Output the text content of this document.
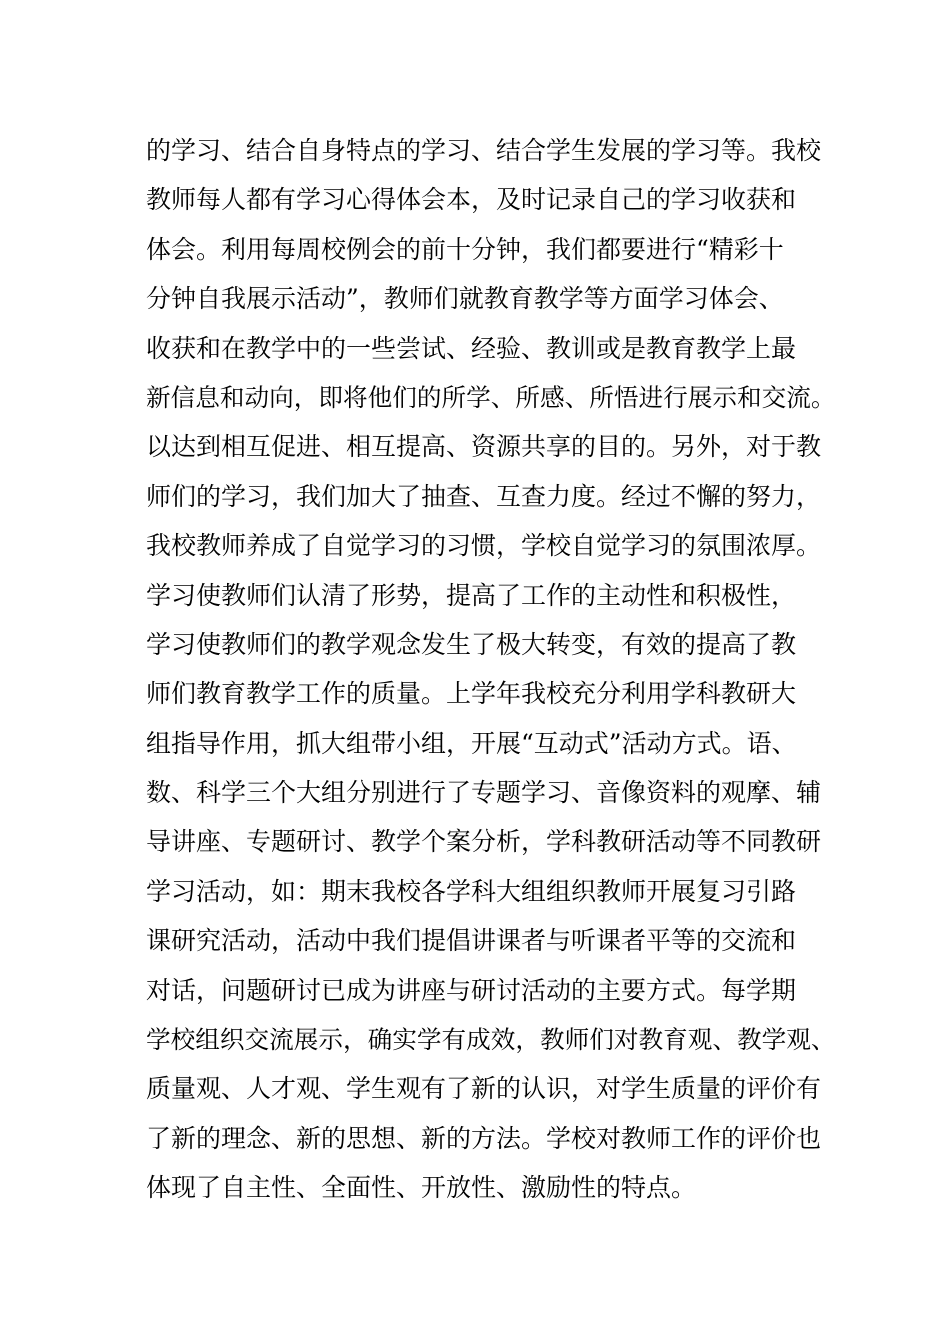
的学习、结合自身特点的学习、结合学生发展的学习等。我校
教师每人都有学习心得体会本，及时记录自己的学习收获和
体会。利用每周校例会的前十分钟，我们都要进行“精彩十
分钟自我展示活动”，教师们就教育教学等方面学习体会、
收获和在教学中的一些尝试、经验、教训或是教育教学上最
新信息和动向，即将他们的所学、所感、所悟进行展示和交流。
以达到相互促进、相互提高、资源共享的目的。另外，对于教
师们的学习，我们加大了抽查、互查力度。经过不懈的努力，
我校教师养成了自觉学习的习惯，学校自觉学习的氛围浓厚。
学习使教师们认清了形势，提高了工作的主动性和积极性，
学习使教师们的教学观念发生了极大转变，有效的提高了教
师们教育教学工作的质量。上学年我校充分利用学科教研大
组指导作用，抓大组带小组，开展“互动式”活动方式。语、
数、科学三个大组分别进行了专题学习、音像资料的观摩、辅
导讲座、专题研讨、教学个案分析，学科教研活动等不同教研
学习活动，如：期末我校各学科大组组织教师开展复习引路
课研究活动，活动中我们提倡讲课者与听课者平等的交流和
对话，问题研讨已成为讲座与研讨活动的主要方式。每学期
学校组织交流展示，确实学有成效，教师们对教育观、教学观、
质量观、人才观、学生观有了新的认识，对学生质量的评价有
了新的理念、新的思想、新的方法。学校对教师工作的评价也
体现了自主性、全面性、开放性、激励性的特点。
